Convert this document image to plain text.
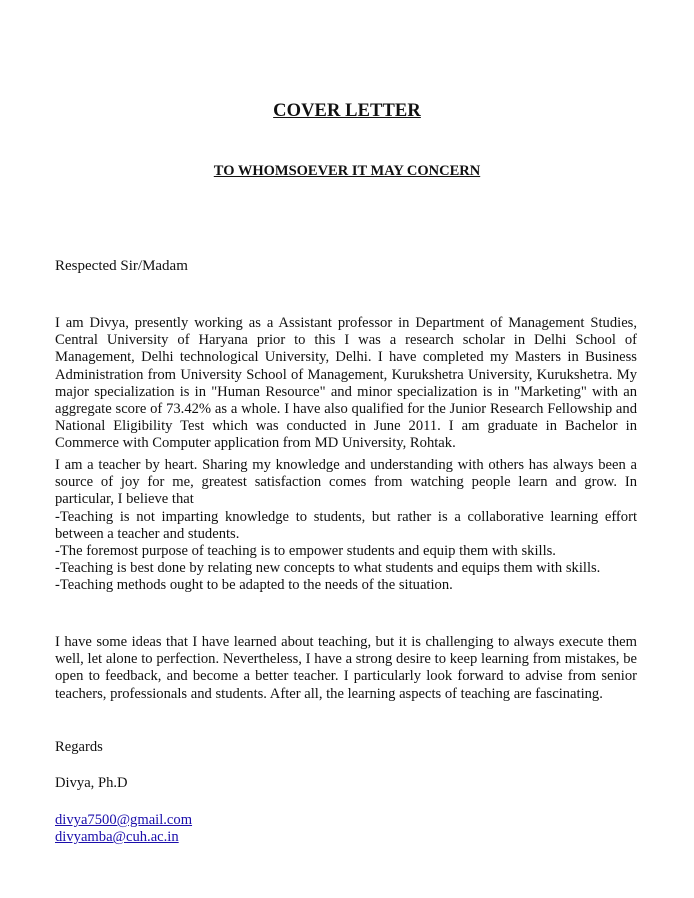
COVER LETTER
TO WHOMSOEVER IT MAY CONCERN
Respected Sir/Madam

I am Divya, presently working as a Assistant professor in Department of Management Studies, Central University of Haryana prior to this I was a research scholar in Delhi School of Management, Delhi technological University, Delhi. I have completed my Masters in Business Administration from University School of Management, Kurukshetra University, Kurukshetra. My major specialization is in "Human Resource" and minor specialization is in "Marketing" with an aggregate score of 73.42% as a whole. I have also qualified for the Junior Research Fellowship and National Eligibility Test which was conducted in June 2011. I am graduate in Bachelor in Commerce with Computer application from MD University, Rohtak.

I am a teacher by heart. Sharing my knowledge and understanding with others has always been a source of joy for me, greatest satisfaction comes from watching people learn and grow. In particular, I believe that
-Teaching is not imparting knowledge to students, but rather is a collaborative learning effort between a teacher and students.
-The foremost purpose of teaching is to empower students and equip them with skills.
-Teaching is best done by relating new concepts to what students and equips them with skills.
-Teaching methods ought to be adapted to the needs of the situation.

I have some ideas that I have learned about teaching, but it is challenging to always execute them well, let alone to perfection. Nevertheless, I have a strong desire to keep learning from mistakes, be open to feedback, and become a better teacher. I particularly look forward to advise from senior teachers, professionals and students. After all, the learning aspects of teaching are fascinating.

Regards
Divya, Ph.D
divya7500@gmail.com
divyamba@cuh.ac.in
